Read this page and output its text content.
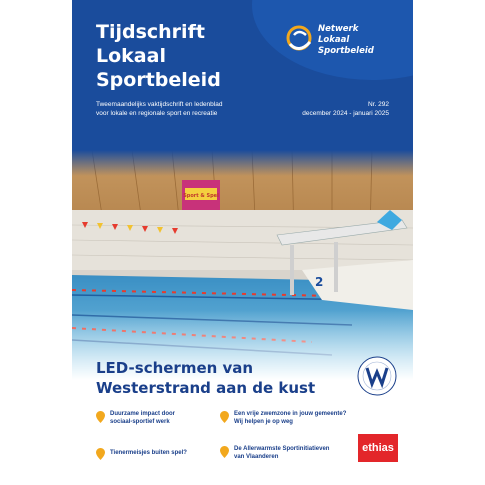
Tijdschrift
Lokaal
Sportbeleid
Netwerk
Lokaal
Sportbeleid
Tweemaandelijks vaktijdschrift en ledenblad
voor lokale en regionale sport en recreatie
Nr. 292
december 2024 - januari 2025
Sport & Spel
2
LED-schermen van
Westerstrand aan de kust
Duurzame impact door
sociaal-sportief werk
Een vrije zwemzone in jouw gemeente?
Wij helpen je op weg
Tienermeisjes buiten spel?
De Allerwarmste Sportinitiatieven
van Vlaanderen
ethias
